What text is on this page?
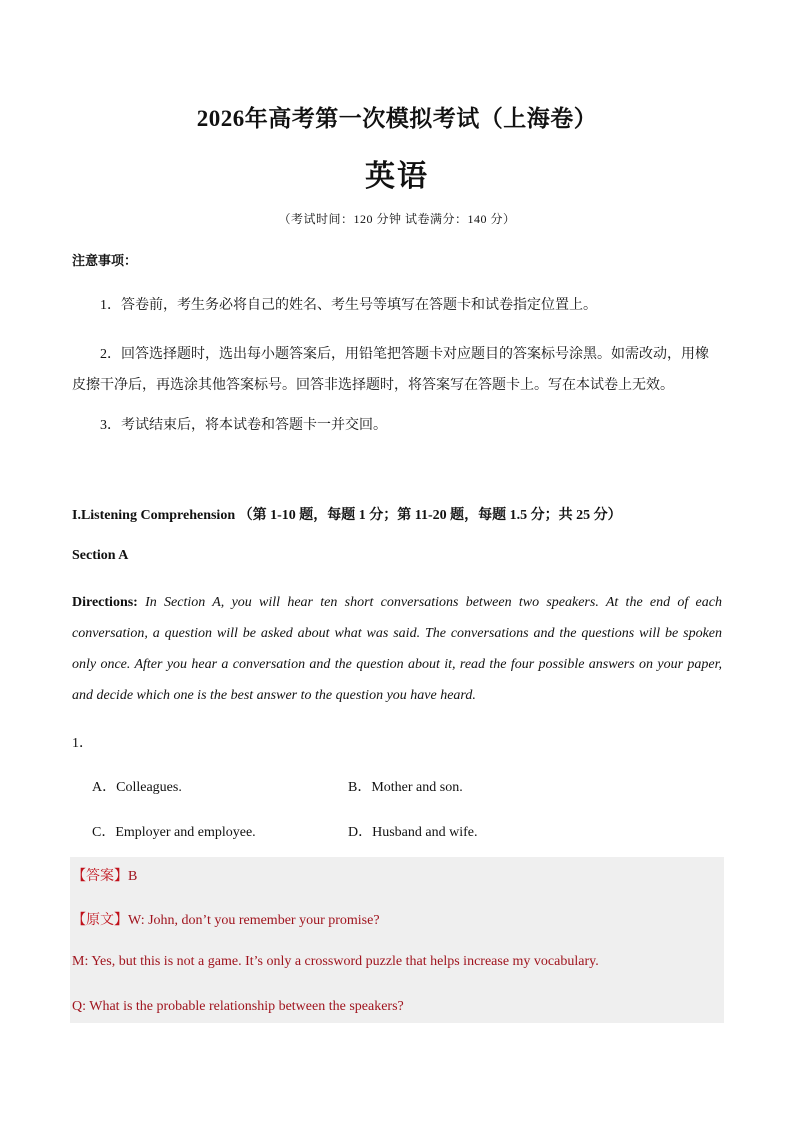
2026年高考第一次模拟考试（上海卷）
英语
（考试时间：120 分钟 试卷满分：140 分）
注意事项：
1．答卷前，考生务必将自己的姓名、考生号等填写在答题卡和试卷指定位置上。
2．回答选择题时，选出每小题答案后，用铅笔把答题卡对应题目的答案标号涂黑。如需改动，用橡皮擦干净后，再选涂其他答案标号。回答非选择题时，将答案写在答题卡上。写在本试卷上无效。
3．考试结束后，将本试卷和答题卡一并交回。
I.Listening Comprehension （第 1-10 题，每题 1 分；第 11-20 题，每题 1.5 分；共 25 分）
Section A
Directions: In Section A, you will hear ten short conversations between two speakers. At the end of each conversation, a question will be asked about what was said. The conversations and the questions will be spoken only once. After you hear a conversation and the question about it, read the four possible answers on your paper, and decide which one is the best answer to the question you have heard.
1．
A．Colleagues.	B．Mother and son.
C．Employer and employee.	D．Husband and wife.
【答案】B
【原文】W: John, don’t you remember your promise?
M: Yes, but this is not a game. It’s only a crossword puzzle that helps increase my vocabulary.
Q: What is the probable relationship between the speakers?
